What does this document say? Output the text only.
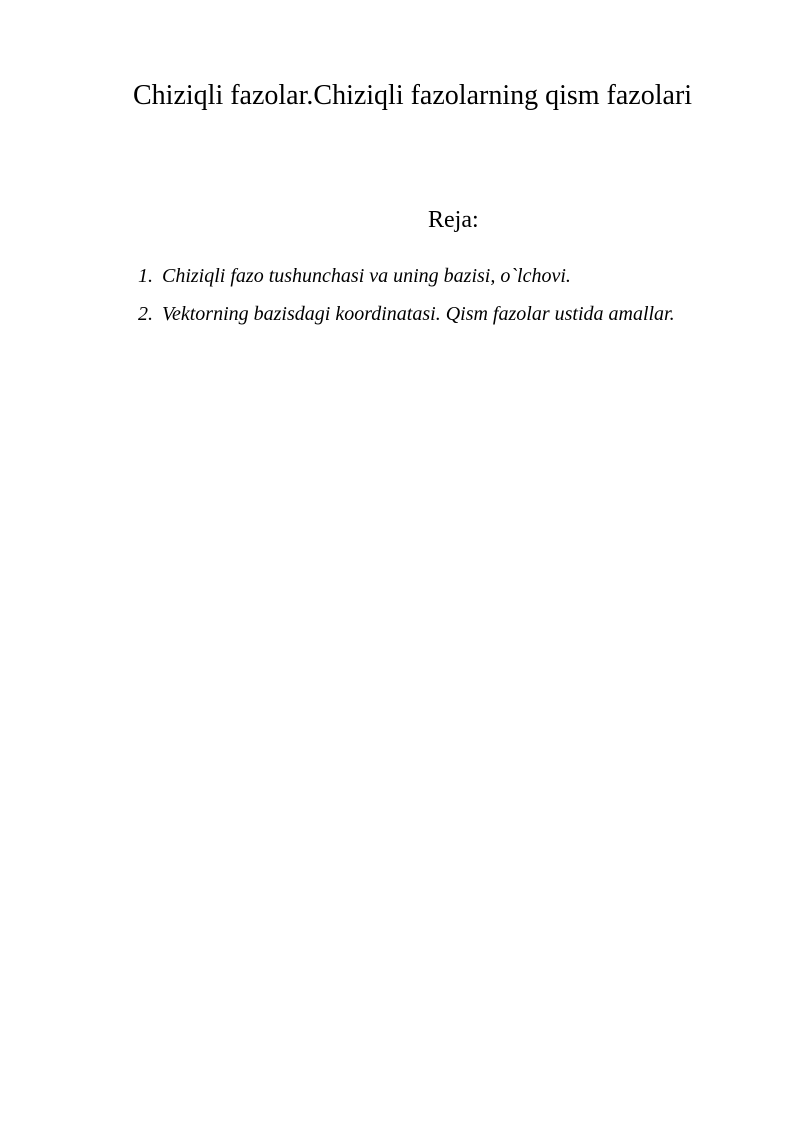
Chiziqli fazolar.Chiziqli fazolarning qism fazolari
Reja:
1. Chiziqli fazo tushunchasi va uning bazisi, o`lchovi.
2. Vektorning bazisdagi koordinatasi. Qism fazolar ustida amallar.
